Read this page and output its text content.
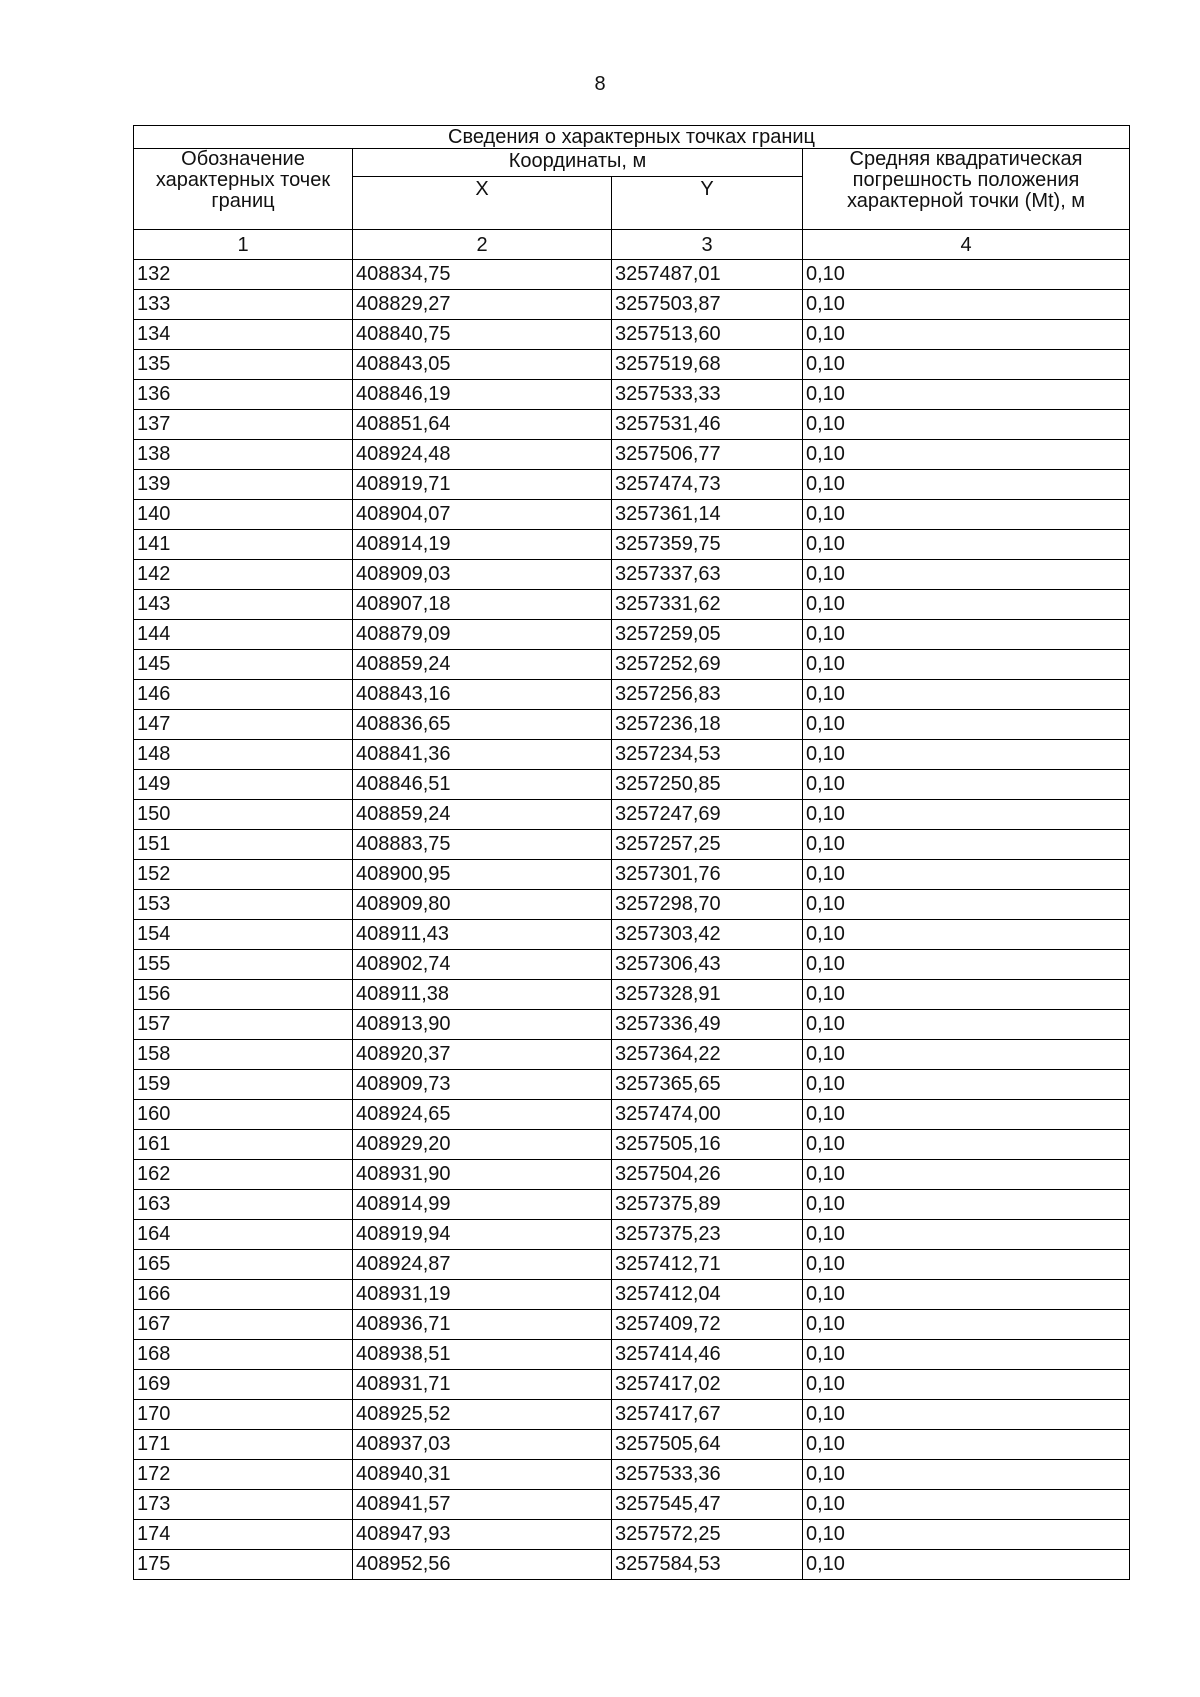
8
Сведения о характерных точках границ			
Обозначение характерных точек границ	Координаты, м		Средняя квадратическая погрешность положения характерной точки (Mt), м
	X	Y	
1	2	3	4
132	408834,75	3257487,01	0,10
133	408829,27	3257503,87	0,10
134	408840,75	3257513,60	0,10
135	408843,05	3257519,68	0,10
136	408846,19	3257533,33	0,10
137	408851,64	3257531,46	0,10
138	408924,48	3257506,77	0,10
139	408919,71	3257474,73	0,10
140	408904,07	3257361,14	0,10
141	408914,19	3257359,75	0,10
142	408909,03	3257337,63	0,10
143	408907,18	3257331,62	0,10
144	408879,09	3257259,05	0,10
145	408859,24	3257252,69	0,10
146	408843,16	3257256,83	0,10
147	408836,65	3257236,18	0,10
148	408841,36	3257234,53	0,10
149	408846,51	3257250,85	0,10
150	408859,24	3257247,69	0,10
151	408883,75	3257257,25	0,10
152	408900,95	3257301,76	0,10
153	408909,80	3257298,70	0,10
154	408911,43	3257303,42	0,10
155	408902,74	3257306,43	0,10
156	408911,38	3257328,91	0,10
157	408913,90	3257336,49	0,10
158	408920,37	3257364,22	0,10
159	408909,73	3257365,65	0,10
160	408924,65	3257474,00	0,10
161	408929,20	3257505,16	0,10
162	408931,90	3257504,26	0,10
163	408914,99	3257375,89	0,10
164	408919,94	3257375,23	0,10
165	408924,87	3257412,71	0,10
166	408931,19	3257412,04	0,10
167	408936,71	3257409,72	0,10
168	408938,51	3257414,46	0,10
169	408931,71	3257417,02	0,10
170	408925,52	3257417,67	0,10
171	408937,03	3257505,64	0,10
172	408940,31	3257533,36	0,10
173	408941,57	3257545,47	0,10
174	408947,93	3257572,25	0,10
175	408952,56	3257584,53	0,10
